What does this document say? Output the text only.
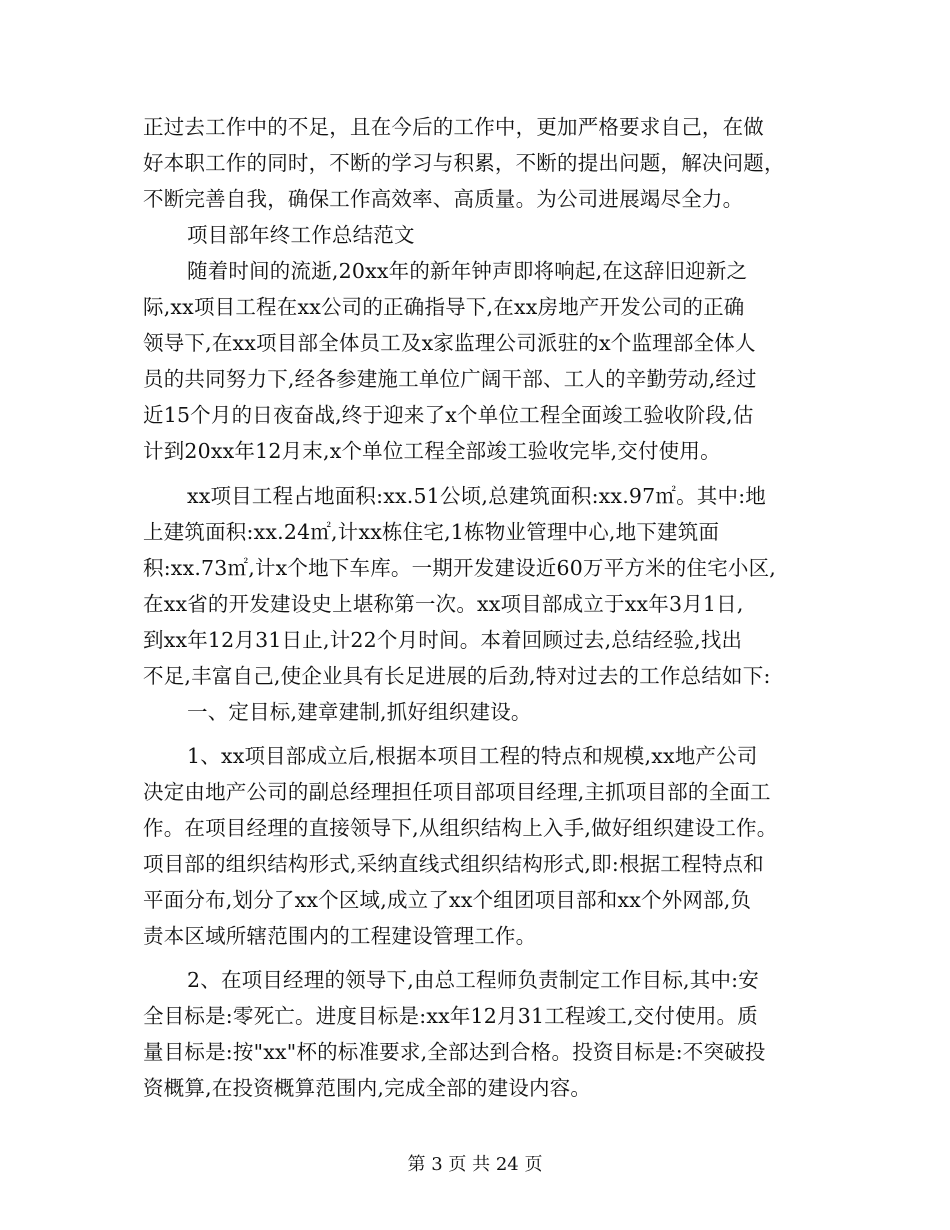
正过去工作中的不足，且在今后的工作中，更加严格要求自己，在做
好本职工作的同时，不断的学习与积累，不断的提出问题，解决问题，
不断完善自我，确保工作高效率、高质量。为公司进展竭尽全力。
项目部年终工作总结范文
随着时间的流逝,20xx年的新年钟声即将响起,在这辞旧迎新之
际,xx项目工程在xx公司的正确指导下,在xx房地产开发公司的正确
领导下,在xx项目部全体员工及x家监理公司派驻的x个监理部全体人
员的共同努力下,经各参建施工单位广阔干部、工人的辛勤劳动,经过
近15个月的日夜奋战,终于迎来了x个单位工程全面竣工验收阶段,估
计到20xx年12月末,x个单位工程全部竣工验收完毕,交付使用。
xx项目工程占地面积:xx.51公顷,总建筑面积:xx.97㎡。其中:地
上建筑面积:xx.24㎡,计xx栋住宅,1栋物业管理中心,地下建筑面
积:xx.73㎡,计x个地下车库。一期开发建设近60万平方米的住宅小区,
在xx省的开发建设史上堪称第一次。xx项目部成立于xx年3月1日,
到xx年12月31日止,计22个月时间。本着回顾过去,总结经验,找出
不足,丰富自己,使企业具有长足进展的后劲,特对过去的工作总结如下:
一、定目标,建章建制,抓好组织建设。
1、xx项目部成立后,根据本项目工程的特点和规模,xx地产公司
决定由地产公司的副总经理担任项目部项目经理,主抓项目部的全面工
作。在项目经理的直接领导下,从组织结构上入手,做好组织建设工作。
项目部的组织结构形式,采纳直线式组织结构形式,即:根据工程特点和
平面分布,划分了xx个区域,成立了xx个组团项目部和xx个外网部,负
责本区域所辖范围内的工程建设管理工作。
2、在项目经理的领导下,由总工程师负责制定工作目标,其中:安
全目标是:零死亡。进度目标是:xx年12月31工程竣工,交付使用。质
量目标是:按"xx"杯的标准要求,全部达到合格。投资目标是:不突破投
资概算,在投资概算范围内,完成全部的建设内容。
第 3 页 共 24 页
